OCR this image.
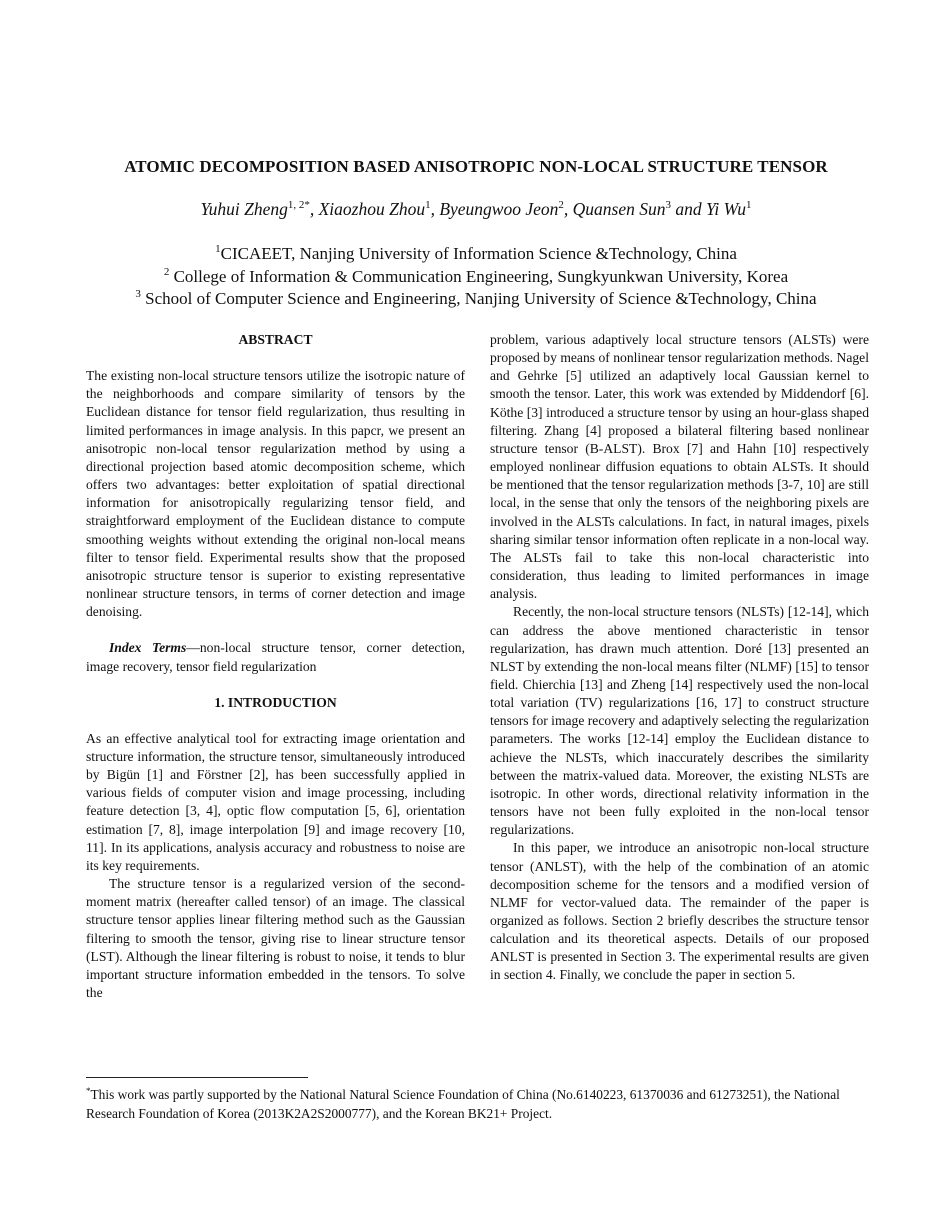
ATOMIC DECOMPOSITION BASED ANISOTROPIC NON-LOCAL STRUCTURE TENSOR
Yuhui Zheng$^{1, 2*}$, Xiaozhou Zhou$^1$, Byeungwoo Jeon$^2$, Quansen Sun$^3$ and Yi Wu$^1$
$^1$CICAEET, Nanjing University of Information Science &Technology, China
$^2$ College of Information & Communication Engineering, Sungkyunkwan University, Korea
$^3$ School of Computer Science and Engineering, Nanjing University of Science &Technology, China

ABSTRACT

The existing non-local structure tensors utilize the isotropic nature of the neighborhoods and compare similarity of tensors by the Euclidean distance for tensor field regularization, thus resulting in limited performances in image analysis. In this papcr, we present an anisotropic non-local tensor regularization method by using a directional projection based atomic decomposition scheme, which offers two advantages: better exploitation of spatial directional information for anisotropically regularizing tensor field, and straightforward employment of the Euclidean distance to compute smoothing weights without extending the original non-local means filter to tensor field. Experimental results show that the proposed anisotropic structure tensor is superior to existing representative nonlinear structure tensors, in terms of corner detection and image denoising.

Index Terms—non-local structure tensor, corner detection, image recovery, tensor field regularization

1. INTRODUCTION

As an effective analytical tool for extracting image orientation and structure information, the structure tensor, simultaneously introduced by Bigün [1] and Förstner [2], has been successfully applied in various fields of computer vision and image processing, including feature detection [3, 4], optic flow computation [5, 6], orientation estimation [7, 8], image interpolation [9] and image recovery [10, 11]. In its applications, analysis accuracy and robustness to noise are its key requirements.

The structure tensor is a regularized version of the second-moment matrix (hereafter called tensor) of an image. The classical structure tensor applies linear filtering method such as the Gaussian filtering to smooth the tensor, giving rise to linear structure tensor (LST). Although the linear filtering is robust to noise, it tends to blur important structure information embedded in the tensors. To solve the

problem, various adaptively local structure tensors (ALSTs) were proposed by means of nonlinear tensor regularization methods. Nagel and Gehrke [5] utilized an adaptively local Gaussian kernel to smooth the tensor. Later, this work was extended by Middendorf [6]. Köthe [3] introduced a structure tensor by using an hour-glass shaped filtering. Zhang [4] proposed a bilateral filtering based nonlinear structure tensor (B-ALST). Brox [7] and Hahn [10] respectively employed nonlinear diffusion equations to obtain ALSTs. It should be mentioned that the tensor regularization methods [3-7, 10] are still local, in the sense that only the tensors of the neighboring pixels are involved in the ALSTs calculations. In fact, in natural images, pixels sharing similar tensor information often replicate in a non-local way. The ALSTs fail to take this non-local characteristic into consideration, thus leading to limited performances in image analysis.

Recently, the non-local structure tensors (NLSTs) [12-14], which can address the above mentioned characteristic in tensor regularization, has drawn much attention. Doré [13] presented an NLST by extending the non-local means filter (NLMF) [15] to tensor field. Chierchia [13] and Zheng [14] respectively used the non-local total variation (TV) regularizations [16, 17] to construct structure tensors for image recovery and adaptively selecting the regularization parameters. The works [12-14] employ the Euclidean distance to achieve the NLSTs, which inaccurately describes the similarity between the matrix-valued data. Moreover, the existing NLSTs are isotropic. In other words, directional relativity information in the tensors have not been fully exploited in the non-local tensor regularizations.

In this paper, we introduce an anisotropic non-local structure tensor (ANLST), with the help of the combination of an atomic decomposition scheme for the tensors and a modified version of NLMF for vector-valued data. The remainder of the paper is organized as follows. Section 2 briefly describes the structure tensor calculation and its theoretical aspects. Details of our proposed ANLST is presented in Section 3. The experimental results are given in section 4. Finally, we conclude the paper in section 5.

*This work was partly supported by the National Natural Science Foundation of China (No.6140223, 61370036 and 61273251), the National Research Foundation of Korea (2013K2A2S2000777), and the Korean BK21+ Project.
